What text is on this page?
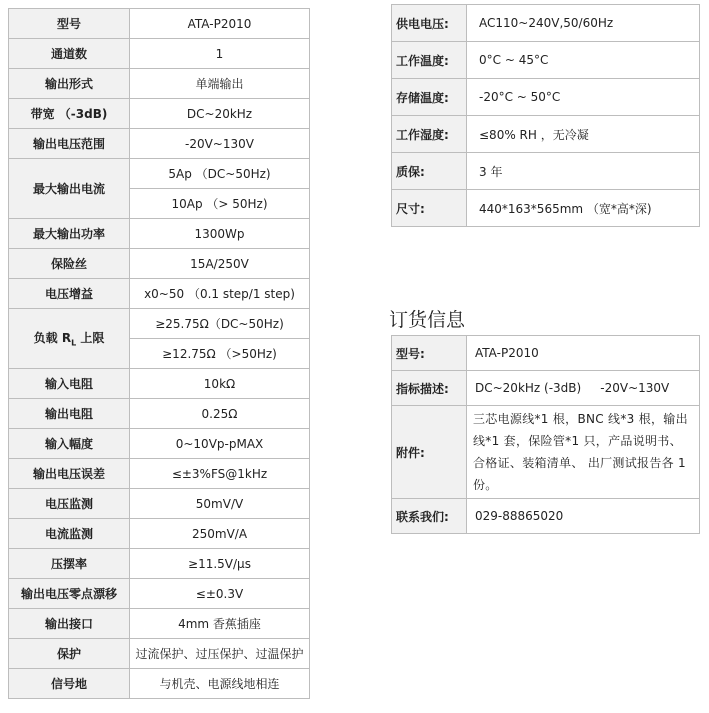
型号	ATA-P2010
通道数	1
输出形式	单端输出
带宽 （-3dB)	DC~20kHz
输出电压范围	-20V~130V
最大输出电流	5Ap （DC~50Hz)
	10Ap （> 50Hz)
最大输出功率	1300Wp
保险丝	15A/250V
电压增益	x0~50 （0.1 step/1 step)
负载 $R_L$ 上限	≥25.75Ω（DC~50Hz)
	≥12.75Ω （>50Hz)
输入电阻	10kΩ
输出电阻	0.25Ω
输入幅度	0~10Vp-pMAX
输出电压误差	≤±3%FS@1kHz
电压监测	50mV/V
电流监测	250mV/A
压摆率	≥11.5V/μs
输出电压零点漂移	≤±0.3V
输出接口	4mm 香蕉插座
保护	过流保护、过压保护、过温保护
信号地	与机壳、电源线地相连
供电电压:	AC110~240V,50/60Hz
工作温度:	0°C ~ 45°C
存储温度:	-20°C ~ 50°C
工作湿度:	≤80% RH ，无冷凝
质保:	3 年
尺寸:	440*163*565mm （宽*高*深)
订货信息
型号:	ATA-P2010
指标描述:	DC~20kHz (-3dB)     -20V~130V
附件:	三芯电源线*1 根，BNC 线*3 根，输出线*1 套，保险管*1 只，产品说明书、合格证、装箱清单、 出厂测试报告各 1 份。
联系我们:	029-88865020
